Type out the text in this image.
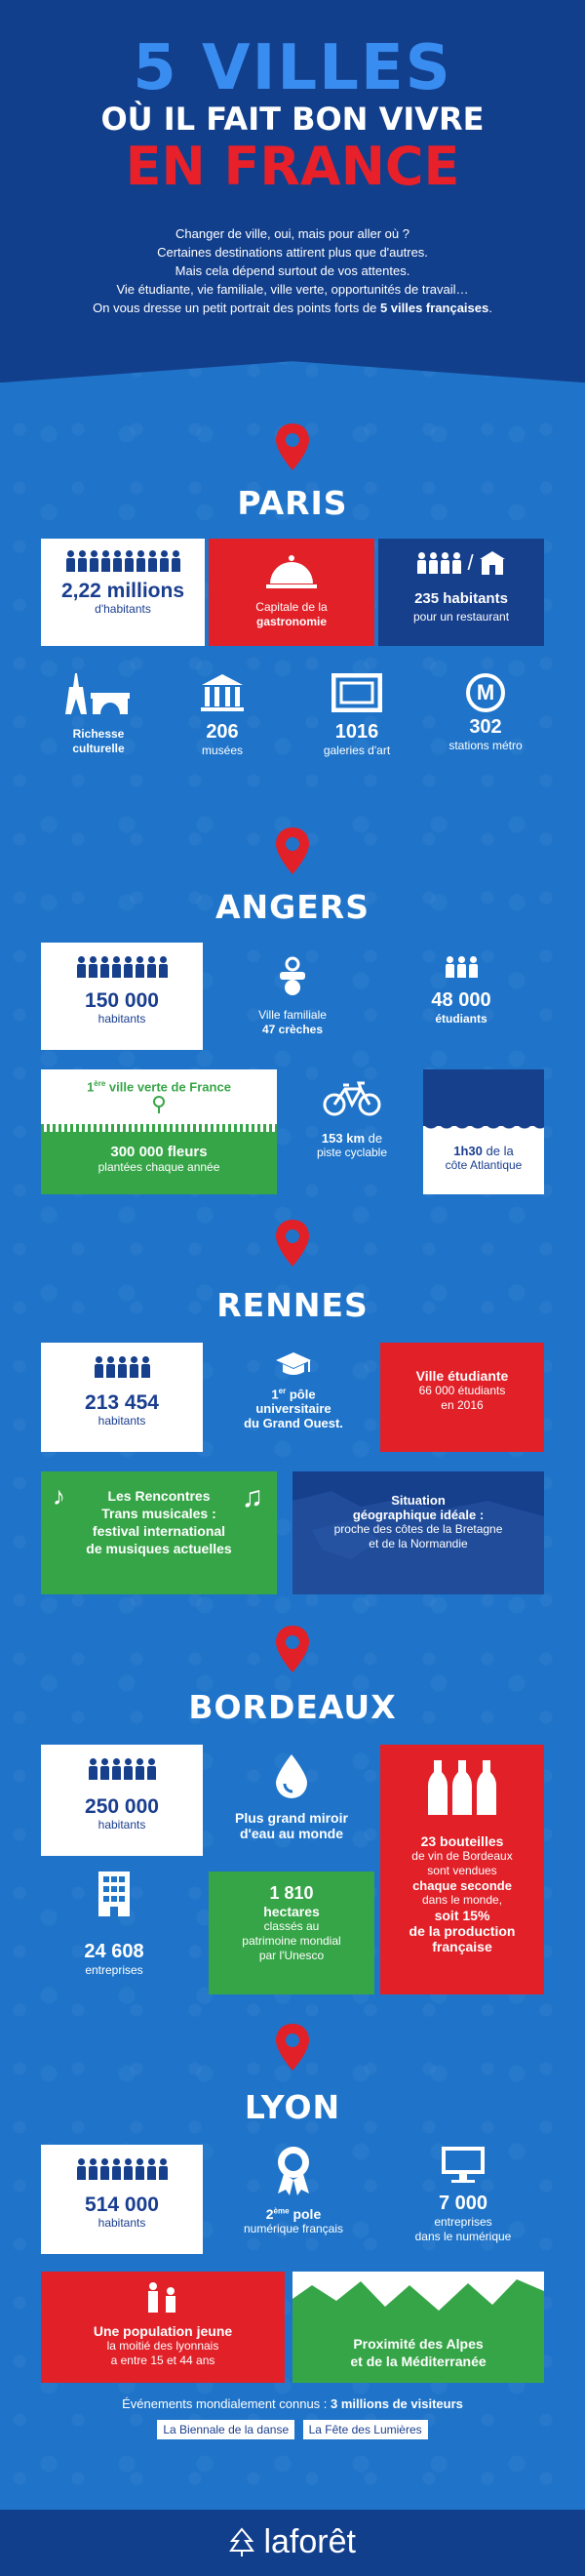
5 VILLES
OÙ IL FAIT BON VIVRE
EN FRANCE
Changer de ville, oui, mais pour aller où ?
Certaines destinations attirent plus que d'autres.
Mais cela dépend surtout de vos attentes.
Vie étudiante, vie familiale, ville verte, opportunités de travail…
On vous dresse un petit portrait des points forts de 5 villes françaises.
PARIS
2,22 millions
d'habitants	Capitale de la
gastronomie
/
235 habitants
pour un restaurant
Richesse
culturelle
206
musées
1016
galeries d'art
M
302
stations métro
ANGERS
150 000
habitants	Ville familiale
47 crèches
48 000
étudiants
1ère ville verte de France
300 000 fleurs
plantées chaque année
153 km de
piste cyclable	1h30 de la
côte Atlantique
RENNES
213 454
habitants
1er pôle
universitaire
du Grand Ouest.
Ville étudiante
66 000 étudiants
en 2016
♪	♫
Les Rencontres
Trans musicales :
festival international
de musiques actuelles
Situation
géographique idéale :
proche des côtes de la Bretagne
et de la Normandie
BORDEAUX
250 000
habitants	Plus grand miroir
d'eau au monde	23 bouteilles
de vin de Bordeaux
sont vendues
chaque seconde
dans le monde,
soit 15%
de la production
française
24 608
entreprises
1 810
hectares
classés au
patrimoine mondial
par l'Unesco
LYON
514 000
habitants
2ème pole
numérique français
7 000
entreprises
dans le numérique
Une population jeune
la moitié des lyonnais
a entre 15 et 44 ans
Proximité des Alpes
et de la Méditerranée
Événements mondialement connus : 3 millions de visiteurs
La Biennale de la danse La Fête des Lumières
laforêt
